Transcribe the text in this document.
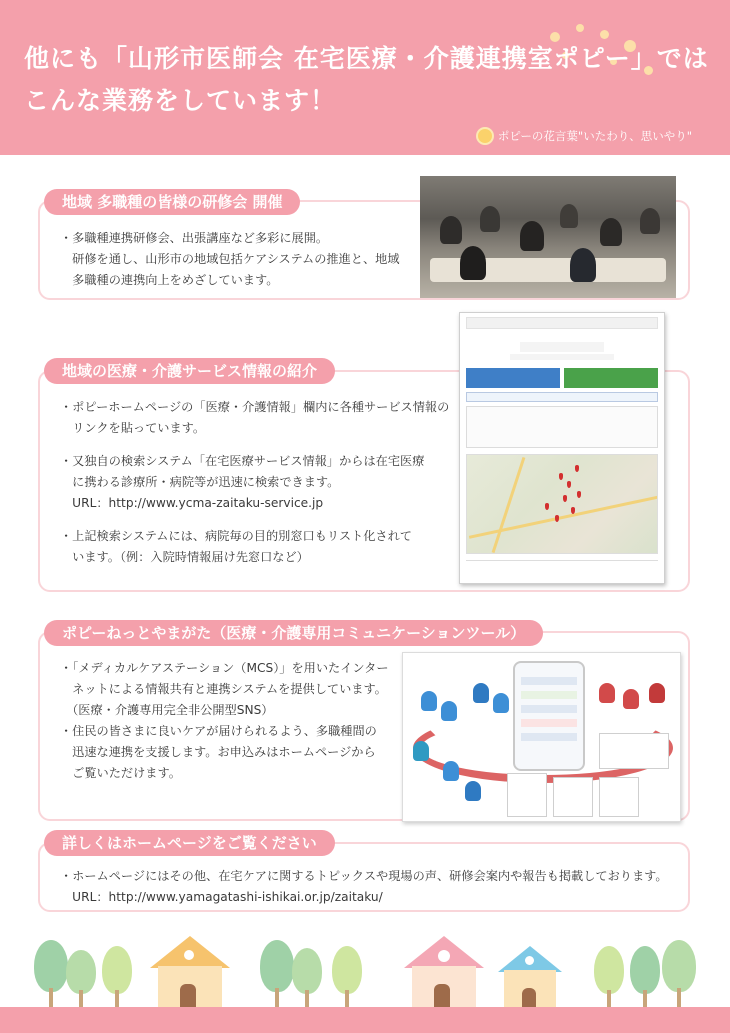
他にも「山形市医師会 在宅医療・介護連携室ポピー」では
こんな業務をしています！
ポピーの花言葉"いたわり、思いやり"
地域 多職種の皆様の研修会 開催
・多職種連携研修会、出張講座など多彩に展開。
　研修を通し、山形市の地域包括ケアシステムの推進と、地域
　多職種の連携向上をめざしています。
地域の医療・介護サービス情報の紹介

・ポピーホームページの「医療・介護情報」欄内に各種サービス情報の
　リンクを貼っています。

・又独自の検索システム「在宅医療サービス情報」からは在宅医療
　に携わる診療所・病院等が迅速に検索できます。
　URL：http://www.ycma-zaitaku-service.jp

・上記検索システムには、病院毎の目的別窓口もリスト化されて
　います。（例：入院時情報届け先窓口など）

ポピーねっとやまがた（医療・介護専用コミュニケーションツール）
・「メディカルケアステーション（MCS）」を用いたインター
　ネットによる情報共有と連携システムを提供しています。
　（医療・介護専用完全非公開型SNS）
・住民の皆さまに良いケアが届けられるよう、多職種間の
　迅速な連携を支援します。お申込みはホームページから
　ご覧いただけます。
詳しくはホームページをご覧ください
・ホームページにはその他、在宅ケアに関するトピックスや現場の声、研修会案内や報告も掲載しております。
　URL：http://www.yamagatashi-ishikai.or.jp/zaitaku/
